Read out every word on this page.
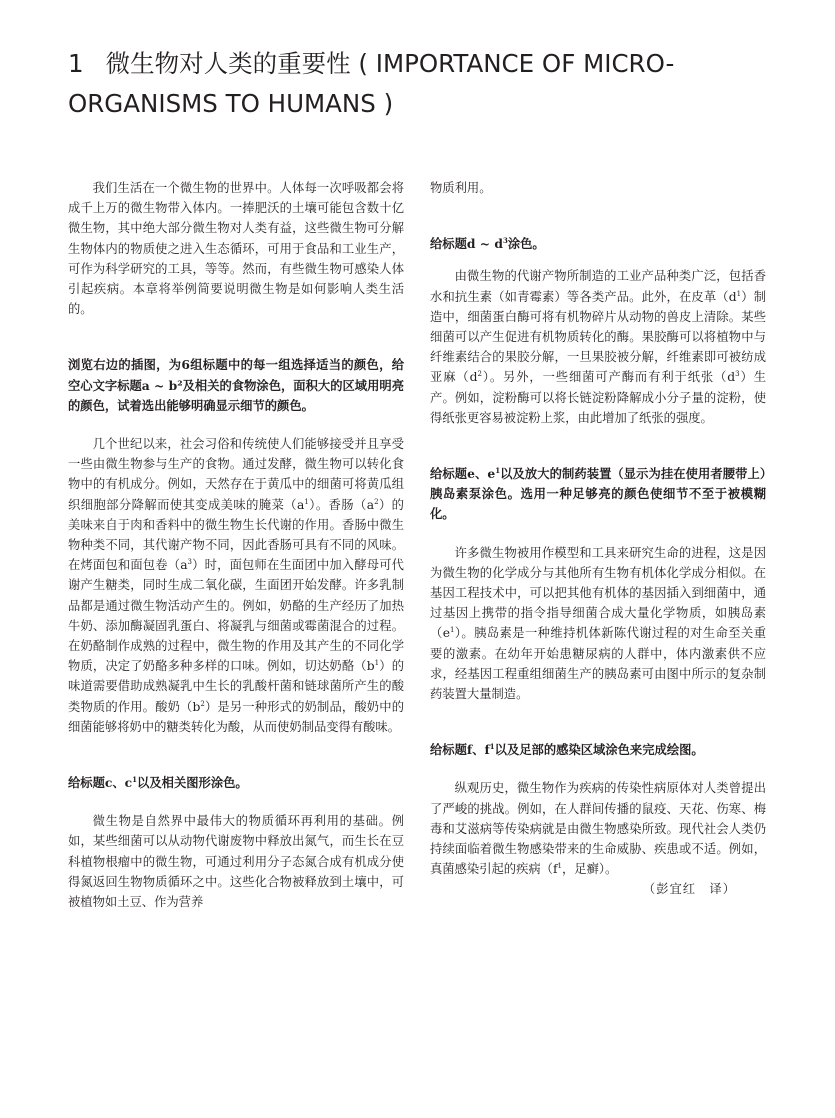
1 微生物对人类的重要性 ( IMPORTANCE OF MICRO-ORGANISMS TO HUMANS )

我们生活在一个微生物的世界中。人体每一次呼吸都会将成千上万的微生物带入体内。一捧肥沃的土壤可能包含数十亿微生物，其中绝大部分微生物对人类有益，这些微生物可分解生物体内的物质使之进入生态循环，可用于食品和工业生产，可作为科学研究的工具，等等。然而，有些微生物可感染人体引起疾病。本章将举例简要说明微生物是如何影响人类生活的。

浏览右边的插图，为6组标题中的每一组选择适当的颜色，给空心文字标题a ~ b²及相关的食物涂色，面积大的区域用明亮的颜色，试着选出能够明确显示细节的颜色。

几个世纪以来，社会习俗和传统使人们能够接受并且享受一些由微生物参与生产的食物。通过发酵，微生物可以转化食物中的有机成分。例如，天然存在于黄瓜中的细菌可将黄瓜组织细胞部分降解而使其变成美味的腌菜$(a^1)$。香肠$(a^2)$的美味来自于肉和香料中的微生物生长代谢的作用。香肠中微生物种类不同，其代谢产物不同，因此香肠可具有不同的风味。在烤面包和面包卷$(a^3)$时，面包师在生面团中加入酵母可代谢产生糖类，同时生成二氧化碳，生面团开始发酵。许多乳制品都是通过微生物活动产生的。例如，奶酪的生产经历了加热牛奶、添加酶凝固乳蛋白、将凝乳与细菌或霉菌混合的过程。在奶酪制作成熟的过程中，微生物的作用及其产生的不同化学物质，决定了奶酪多种多样的口味。例如，切达奶酪$(b^1)$的味道需要借助成熟凝乳中生长的乳酸杆菌和链球菌所产生的酸类物质的作用。酸奶$(b^2)$是另一种形式的奶制品，酸奶中的细菌能够将奶中的糖类转化为酸，从而使奶制品变得有酸味。

给标题c、$c^1$以及相关图形涂色。

微生物是自然界中最伟大的物质循环再利用的基础。例如，某些细菌可以从动物代谢废物中释放出氮气，而生长在豆科植物根瘤中的微生物，可通过利用分子态氮合成有机成分使得氮返回生物物质循环之中。这些化合物被释放到土壤中，可被植物如土豆、作为营养

物质利用。

给标题d ~ $d^3$涂色。

由微生物的代谢产物所制造的工业产品种类广泛，包括香水和抗生素（如青霉素）等各类产品。此外，在皮革$(d^1)$制造中，细菌蛋白酶可将有机物碎片从动物的兽皮上清除。某些细菌可以产生促进有机物质转化的酶。果胶酶可以将植物中与纤维素结合的果胶分解，一旦果胶被分解，纤维素即可被纺成亚麻$(d^2)$。另外，一些细菌可产酶而有利于纸张$(d^3)$生产。例如，淀粉酶可以将长链淀粉降解成小分子量的淀粉，使得纸张更容易被淀粉上浆，由此增加了纸张的强度。

给标题e、$e^1$以及放大的制药装置（显示为挂在使用者腰带上）胰岛素泵涂色。选用一种足够亮的颜色使细节不至于被模糊化。

许多微生物被用作模型和工具来研究生命的进程，这是因为微生物的化学成分与其他所有生物有机体化学成分相似。在基因工程技术中，可以把其他有机体的基因插入到细菌中，通过基因上携带的指令指导细菌合成大量化学物质，如胰岛素$(e^1)$。胰岛素是一种维持机体新陈代谢过程的对生命至关重要的激素。在幼年开始患糖尿病的人群中，体内激素供不应求，经基因工程重组细菌生产的胰岛素可由图中所示的复杂制药装置大量制造。

给标题f、$f^1$以及足部的感染区域涂色来完成绘图。

纵观历史，微生物作为疾病的传染性病原体对人类曾提出了严峻的挑战。例如，在人群间传播的鼠疫、天花、伤寒、梅毒和艾滋病等传染病就是由微生物感染所致。现代社会人类仍持续面临着微生物感染带来的生命威胁、疾患或不适。例如，真菌感染引起的疾病（$f^1$，足癣）。

（彭宜红　译）
